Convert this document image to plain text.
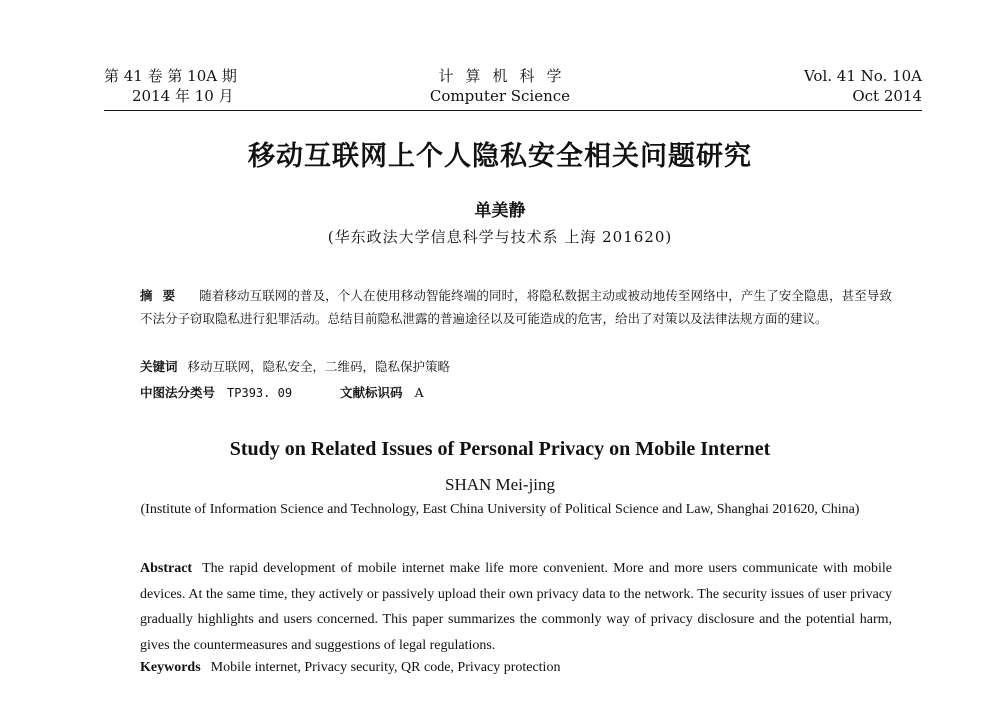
第 41 卷 第 10A 期
2014 年 10 月
计算机科学
Computer Science
Vol. 41 No. 10A
Oct 2014
移动互联网上个人隐私安全相关问题研究
单美静
(华东政法大学信息科学与技术系 上海 201620)
摘要 随着移动互联网的普及，个人在使用移动智能终端的同时，将隐私数据主动或被动地传至网络中，产生了安全隐患，甚至导致不法分子窃取隐私进行犯罪活动。总结目前隐私泄露的普遍途径以及可能造成的危害，给出了对策以及法律法规方面的建议。
关键词 移动互联网，隐私安全，二维码，隐私保护策略
中图法分类号 TP393. 09	文献标识码 A
Study on Related Issues of Personal Privacy on Mobile Internet
SHAN Mei-jing
(Institute of Information Science and Technology, East China University of Political Science and Law, Shanghai 201620, China)
Abstract The rapid development of mobile internet make life more convenient. More and more users communicate with mobile devices. At the same time, they actively or passively upload their own privacy data to the network. The security issues of user privacy gradually highlights and users concerned. This paper summarizes the commonly way of privacy disclosure and the potential harm, gives the countermeasures and suggestions of legal regulations.
Keywords Mobile internet, Privacy security, QR code, Privacy protection
